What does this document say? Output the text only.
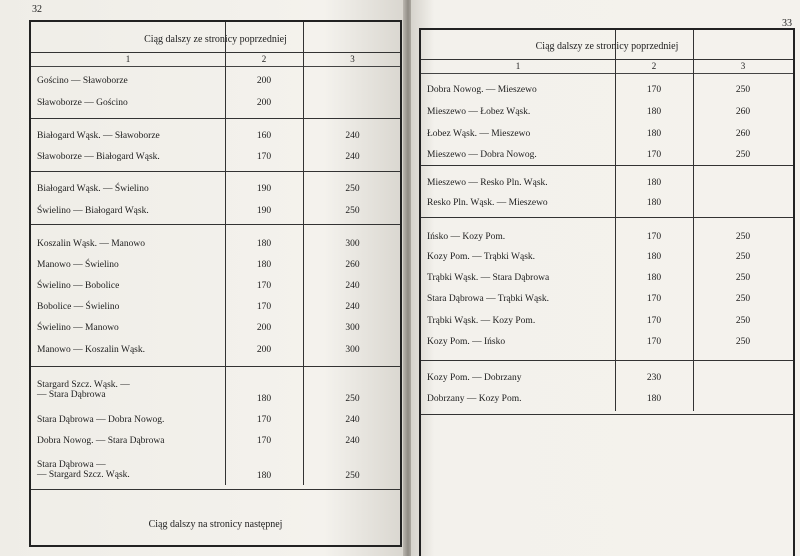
32
Ciąg dalszy ze stronicy poprzedniej
1	2	3
Gościno — Sławoborze	200
Sławoborze — Gościno	200
Białogard Wąsk. — Sławoborze	160	240
Sławoborze — Białogard Wąsk.	170	240
Białogard Wąsk. — Świelino	190	250
Świelino — Białogard Wąsk.	190	250
Koszalin Wąsk. — Manowo	180	300
Manowo — Świelino	180	260
Świelino — Bobolice	170	240
Bobolice — Świelino	170	240
Świelino — Manowo	200	300
Manowo — Koszalin Wąsk.	200	300
Stargard Szcz. Wąsk. —
— Stara Dąbrowa	180	250
Stara Dąbrowa — Dobra Nowog.	170	240
Dobra Nowog. — Stara Dąbrowa	170	240
Stara Dąbrowa —
— Stargard Szcz. Wąsk.	180	250
Ciąg dalszy na stronicy następnej
33
Ciąg dalszy ze stronicy poprzedniej
1	2	3
Dobra Nowog. — Mieszewo	170	250
Mieszewo — Łobez Wąsk.	180	260
Łobez Wąsk. — Mieszewo	180	260
Mieszewo — Dobra Nowog.	170	250
Mieszewo — Resko Pln. Wąsk.	180
Resko Pln. Wąsk. — Mieszewo	180
Ińsko — Kozy Pom.	170	250
Kozy Pom. — Trąbki Wąsk.	180	250
Trąbki Wąsk. — Stara Dąbrowa	180	250
Stara Dąbrowa — Trąbki Wąsk.	170	250
Trąbki Wąsk. — Kozy Pom.	170	250
Kozy Pom. — Ińsko	170	250
Kozy Pom. — Dobrzany	230
Dobrzany — Kozy Pom.	180
